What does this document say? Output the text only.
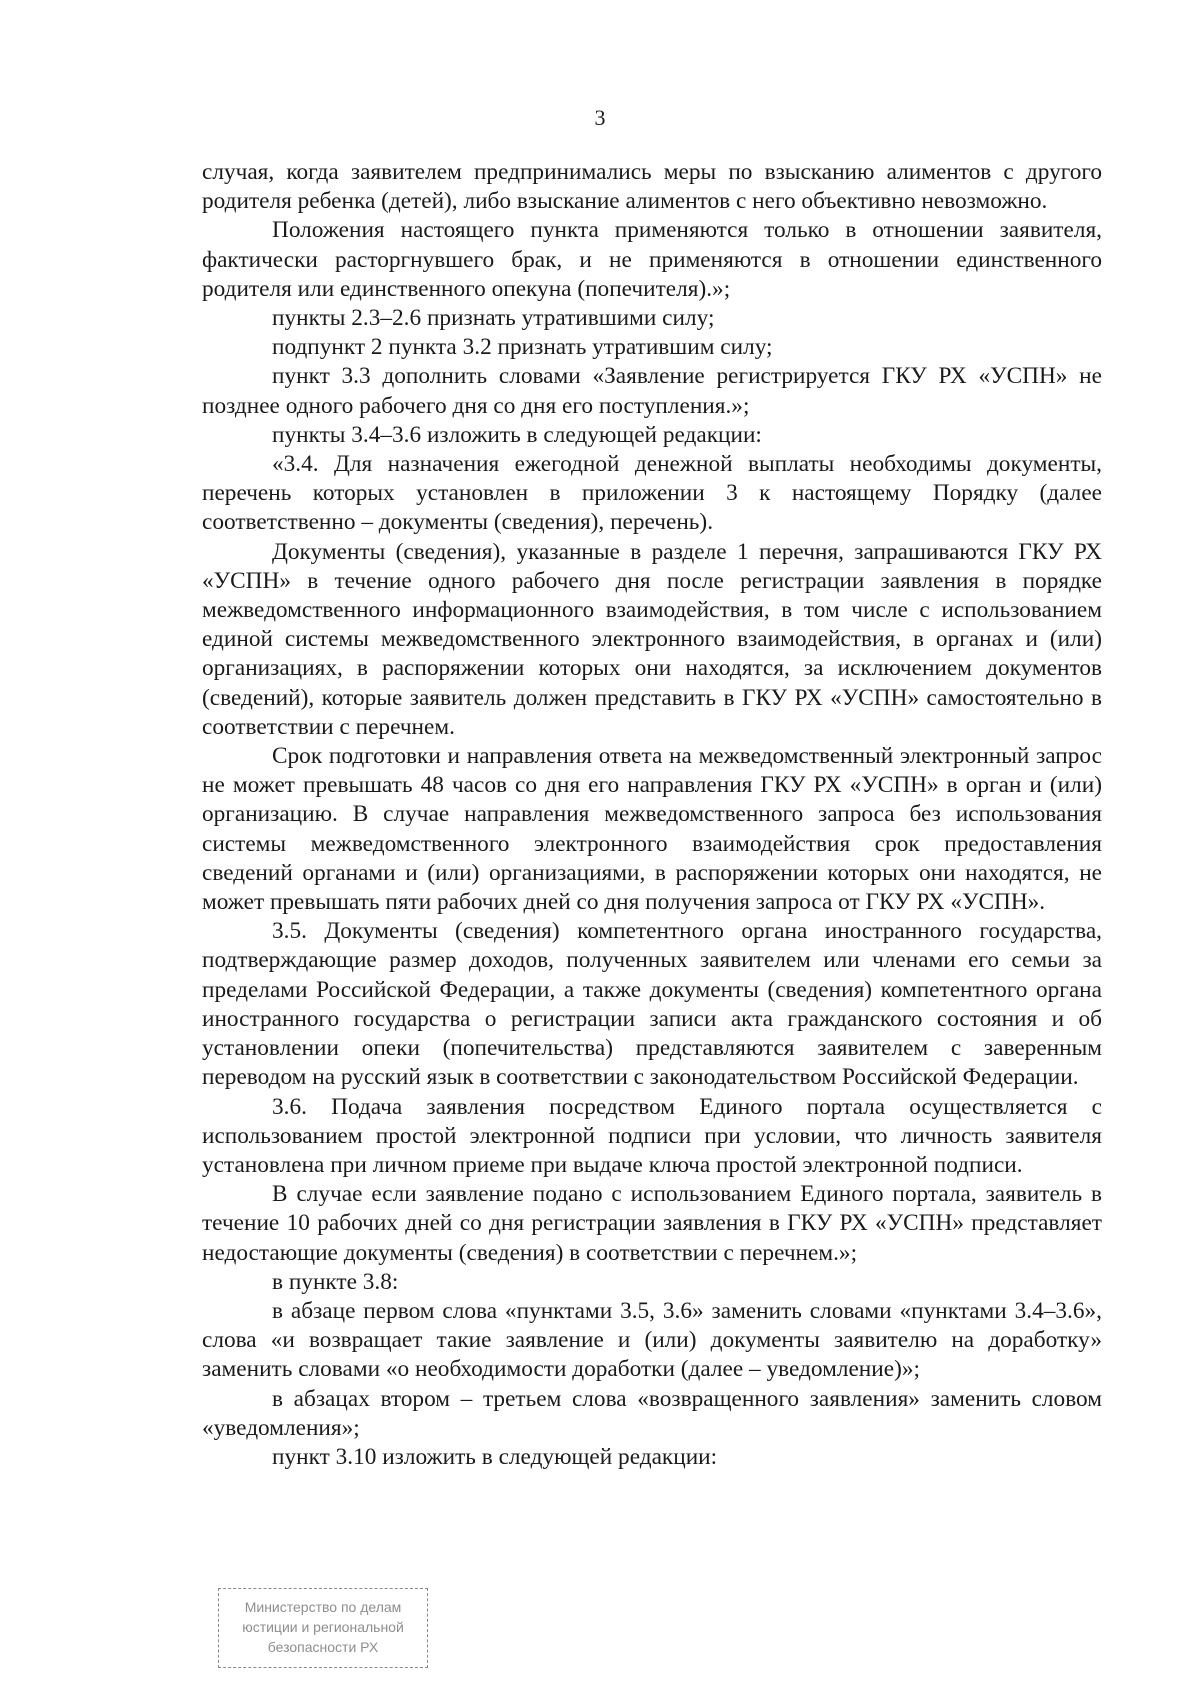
3

случая, когда заявителем предпринимались меры по взысканию алиментов с другого родителя ребенка (детей), либо взыскание алиментов с него объективно невозможно.

Положения настоящего пункта применяются только в отношении заявителя, фактически расторгнувшего брак, и не применяются в отношении единственного родителя или единственного опекуна (попечителя).»;

пункты 2.3–2.6 признать утратившими силу;

подпункт 2 пункта 3.2 признать утратившим силу;

пункт 3.3 дополнить словами «Заявление регистрируется ГКУ РХ «УСПН» не позднее одного рабочего дня со дня его поступления.»;

пункты 3.4–3.6 изложить в следующей редакции:

«3.4. Для назначения ежегодной денежной выплаты необходимы документы, перечень которых установлен в приложении 3 к настоящему Порядку (далее соответственно – документы (сведения), перечень).

Документы (сведения), указанные в разделе 1 перечня, запрашиваются ГКУ РХ «УСПН» в течение одного рабочего дня после регистрации заявления в порядке межведомственного информационного взаимодействия, в том числе с использованием единой системы межведомственного электронного взаимодействия, в органах и (или) организациях, в распоряжении которых они находятся, за исключением документов (сведений), которые заявитель должен представить в ГКУ РХ «УСПН» самостоятельно в соответствии с перечнем.

Срок подготовки и направления ответа на межведомственный электронный запрос не может превышать 48 часов со дня его направления ГКУ РХ «УСПН» в орган и (или) организацию. В случае направления межведомственного запроса без использования системы межведомственного электронного взаимодействия срок предоставления сведений органами и (или) организациями, в распоряжении которых они находятся, не может превышать пяти рабочих дней со дня получения запроса от ГКУ РХ «УСПН».

3.5. Документы (сведения) компетентного органа иностранного государства, подтверждающие размер доходов, полученных заявителем или членами его семьи за пределами Российской Федерации, а также документы (сведения) компетентного органа иностранного государства о регистрации записи акта гражданского состояния и об установлении опеки (попечительства) представляются заявителем с заверенным переводом на русский язык в соответствии с законодательством Российской Федерации.

3.6. Подача заявления посредством Единого портала осуществляется с использованием простой электронной подписи при условии, что личность заявителя установлена при личном приеме при выдаче ключа простой электронной подписи.

В случае если заявление подано с использованием Единого портала, заявитель в течение 10 рабочих дней со дня регистрации заявления в ГКУ РХ «УСПН» представляет недостающие документы (сведения) в соответствии с перечнем.»;

в пункте 3.8:

в абзаце первом слова «пунктами 3.5, 3.6» заменить словами «пунктами 3.4–3.6», слова «и возвращает такие заявление и (или) документы заявителю на доработку» заменить словами «о необходимости доработки (далее – уведомление)»;

в абзацах втором – третьем слова «возвращенного заявления» заменить словом «уведомления»;

пункт 3.10 изложить в следующей редакции:

Министерство по делам
юстиции и региональной
безопасности РХ
